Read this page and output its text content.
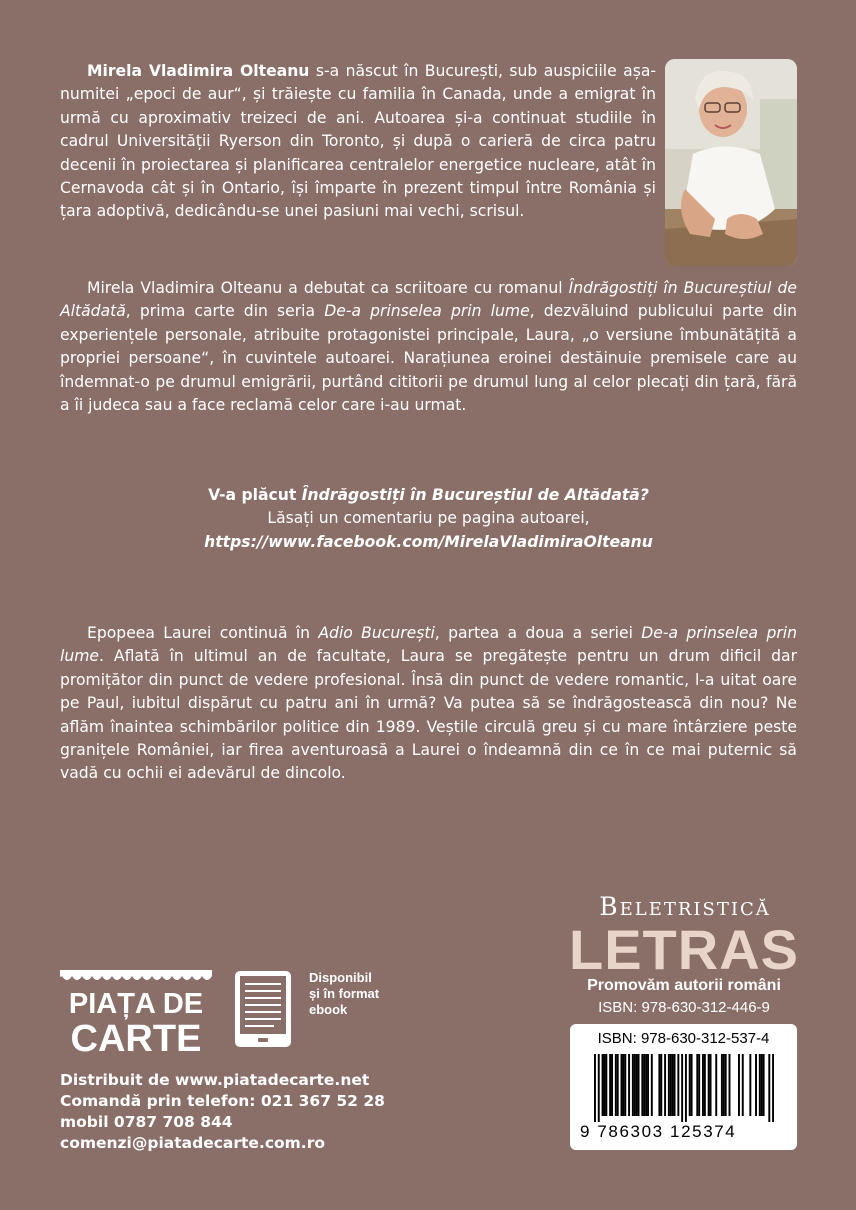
Mirela Vladimira Olteanu s-a născut în București, sub auspiciile așa-numitei „epoci de aur“, și trăiește cu familia în Canada, unde a emigrat în urmă cu aproximativ treizeci de ani. Autoarea și-a continuat studiile în cadrul Universității Ryerson din Toronto, și după o carieră de circa patru decenii în proiectarea și planificarea centralelor energetice nucleare, atât în Cernavoda cât și în Ontario, își împarte în prezent timpul între România și țara adoptivă, dedicându-se unei pasiuni mai vechi, scrisul.

Mirela Vladimira Olteanu a debutat ca scriitoare cu romanul Îndrăgostiți în Bucureștiul de Altădată, prima carte din seria De-a prinselea prin lume, dezvăluind publicului parte din experiențele personale, atribuite protagonistei principale, Laura, „o versiune îmbunătățită a propriei persoane“, în cuvintele autoarei. Narațiunea eroinei destăinuie premisele care au îndemnat-o pe drumul emigrării, purtând cititorii pe drumul lung al celor plecați din țară, fără a îi judeca sau a face reclamă celor care i-au urmat.

V-a plăcut Îndrăgostiți în Bucureștiul de Altădată?
Lăsați un comentariu pe pagina autoarei,
https://www.facebook.com/MirelaVladimiraOlteanu

Epopeea Laurei continuă în Adio București, partea a doua a seriei De-a prinselea prin lume. Aflată în ultimul an de facultate, Laura se pregătește pentru un drum dificil dar promițător din punct de vedere profesional. Însă din punct de vedere romantic, l-a uitat oare pe Paul, iubitul dispărut cu patru ani în urmă? Va putea să se îndrăgostească din nou? Ne aflăm înaintea schimbărilor politice din 1989. Veștile circulă greu și cu mare întârziere peste granițele României, iar firea aventuroasă a Laurei o îndeamnă din ce în ce mai puternic să vadă cu ochii ei adevărul de dincolo.

Beletristică
LETRAS
Promovăm autorii români
ISBN: 978-630-312-446-9
ISBN: 978-630-312-537-4
9 786303 125374
PIAȚA DE
CARTE
Disponibil
și în format
ebook
Distribuit de www.piatadecarte.net
Comandă prin telefon: 021 367 52 28
mobil 0787 708 844
comenzi@piatadecarte.com.ro
